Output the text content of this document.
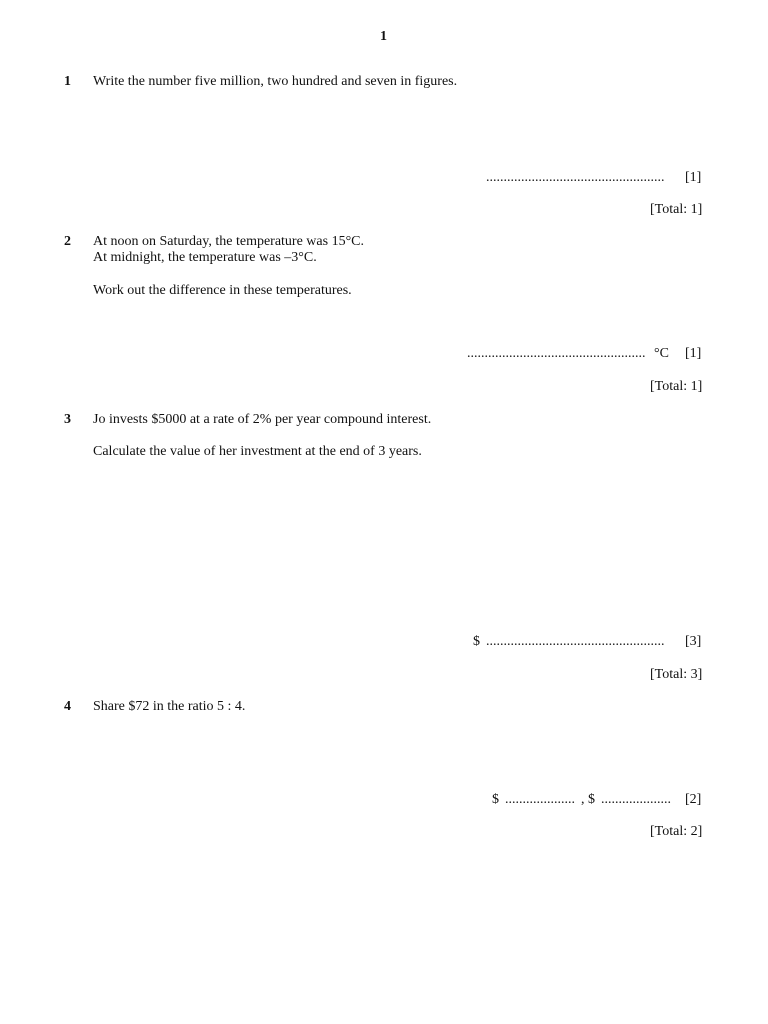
1
1 Write the number five million, two hundred and seven in figures.
................................................... [1]
[Total: 1]
2 At noon on Saturday, the temperature was 15°C.
At midnight, the temperature was –3°C.
Work out the difference in these temperatures.
................................................... °C [1]
[Total: 1]
3 Jo invests $5000 at a rate of 2% per year compound interest.
Calculate the value of her investment at the end of 3 years.
$ ................................................... [3]
[Total: 3]
4 Share $72 in the ratio 5 : 4.
$ .................... , $ .................... [2]
[Total: 2]
